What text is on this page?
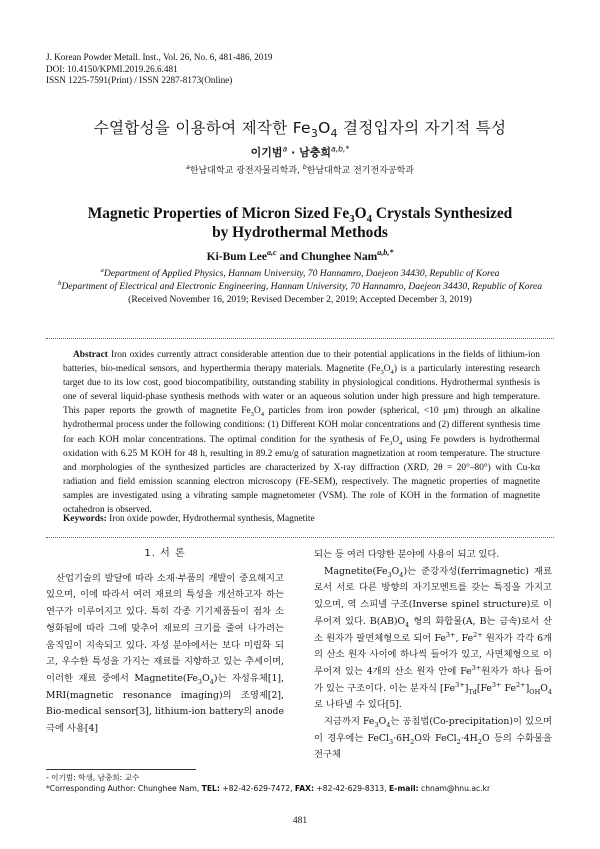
J. Korean Powder Metall. Inst., Vol. 26, No. 6, 481-486, 2019
DOI: 10.4150/KPMI.2019.26.6.481
ISSN 1225-7591(Print) / ISSN 2287-8173(Online)
수열합성을 이용하여 제작한 $Fe_3O_4$ 결정입자의 자기적 특성
이기범$^a$ · 남충희$^{a,b,*}$
$^a$한남대학교 광전자물리학과, $^b$한남대학교 전기전자공학과
Magnetic Properties of Micron Sized $Fe_3O_4$ Crystals Synthesized
by Hydrothermal Methods
Ki-Bum Lee$^{a,c}$ and Chunghee Nam$^{a,b,*}$
$^a$Department of Applied Physics, Hannam University, 70 Hannamro, Daejeon 34430, Republic of Korea
$^b$Department of Electrical and Electronic Engineering, Hannam University, 70 Hannamro, Daejeon 34430, Republic of Korea
(Received November 16, 2019; Revised December 2, 2019; Accepted December 3, 2019)
Abstract Iron oxides currently attract considerable attention due to their potential applications in the fields of lithium-ion batteries, bio-medical sensors, and hyperthermia therapy materials. Magnetite $(Fe_3O_4)$ is a particularly interesting research target due to its low cost, good biocompatibility, outstanding stability in physiological conditions. Hydrothermal synthesis is one of several liquid-phase synthesis methods with water or an aqueous solution under high pressure and high temperature. This paper reports the growth of magnetite $Fe_3O_4$ particles from iron powder (spherical, <10 μm) through an alkaline hydrothermal process under the following conditions: (1) Different KOH molar concentrations and (2) different synthesis time for each KOH molar concentrations. The optimal condition for the synthesis of $Fe_3O_4$ using Fe powders is hydrothermal oxidation with 6.25 M KOH for 48 h, resulting in 89.2 emu/g of saturation magnetization at room temperature. The structure and morphologies of the synthesized particles are characterized by X-ray diffraction (XRD, 2θ = 20°–80°) with Cu-kα radiation and field emission scanning electron microscopy (FE-SEM), respectively. The magnetic properties of magnetite samples are investigated using a vibrating sample magnetometer (VSM). The role of KOH in the formation of magnetite octahedron is observed.
Keywords: Iron oxide powder, Hydrothermal synthesis, Magnetite
1. 서 론

산업기술의 발달에 따라 소재·부품의 개발이 중요해지고 있으며, 이에 따라서 여러 재료의 특성을 개선하고자 하는 연구가 이루어지고 있다. 특히 각종 기기제품들이 점차 소형화됨에 따라 그에 맞추어 재료의 크기를 줄여 나가려는 움직임이 지속되고 있다. 자성 분야에서는 보다 미립화 되고, 우수한 특성을 가지는 재료를 지향하고 있는 추세이며, 이러한 재료 중에서 $Magnetite(Fe_3O_4)$는 자성유체[1], MRI(magnetic resonance imaging)의 조영제[2], Bio-medical sensor[3], lithium-ion battery의 anode극에 사용[4]

되는 등 여러 다양한 분야에 사용이 되고 있다.

$Magnetite(Fe_3O_4)$는 준강자성(ferrimagnetic) 재료로서 서로 다른 방향의 자기모멘트를 갖는 특징을 가지고 있으며, 역 스피넬 구조(Inverse spinel structure)로 이루어져 있다. $B(AB)O_4$ 형의 화합물(A, B는 금속)로서 산소 원자가 팔면체형으로 되어 $Fe^{3+}$, $Fe^{2+}$ 원자가 각각 6개의 산소 원자 사이에 하나씩 들어가 있고, 사면체형으로 이루어져 있는 4개의 산소 원자 안에 $Fe^{3+}$원자가 하나 들어가 있는 구조이다. 이는 분자식 $[Fe^{3+}]_{Td}[Fe^{3+}$ $Fe^{2+}]_{OH}O_4$로 나타낼 수 있다[5].

지금까지 $Fe_3O_4$는 공침법(Co-precipitation)이 있으며 이 경우에는 $FeCl_3\cdot 6H_2O$와 $FeCl_2\cdot 4H_2O$ 등의 수화물을 전구체

- 이기범: 학생, 남충희: 교수
*Corresponding Author: Chunghee Nam, TEL: +82-42-629-7472, FAX: +82-42-629-8313, E-mail: chnam@hnu.ac.kr
481
